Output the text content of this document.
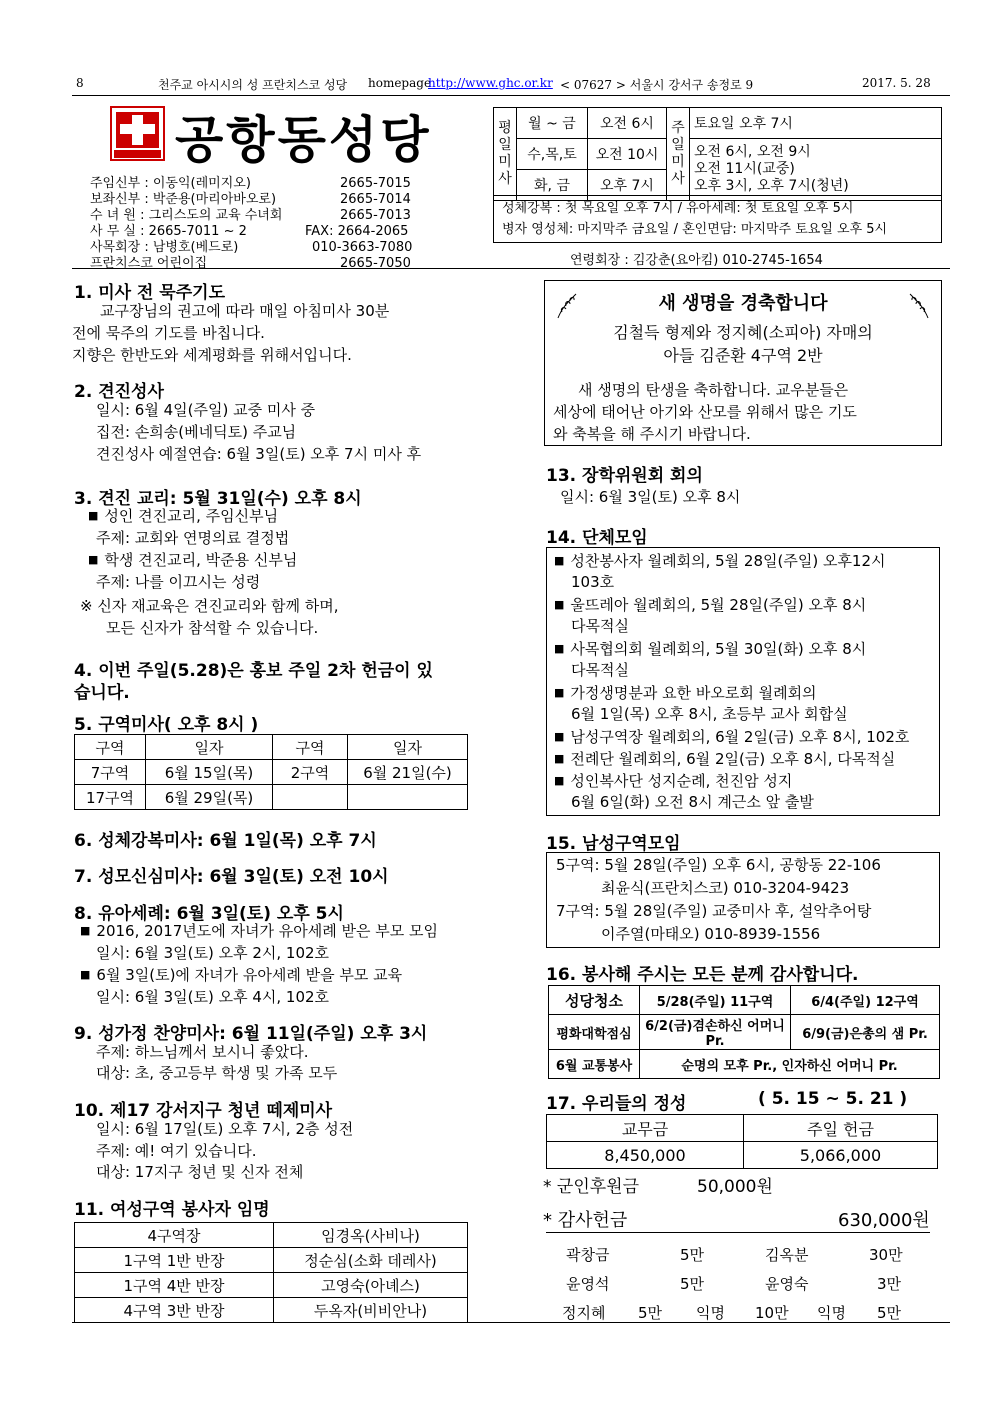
8	천주교 아시시의 성 프란치스코 성당 homepage
http://www.ghc.or.kr < 07627 > 서울시 강서구 송정로 9	2017. 5. 28
공항동성당
주임신부 : 이동익(레미지오)	2665-7015
보좌신부 : 박준용(마리아바오로)	2665-7014
수 녀 원 : 그리스도의 교육 수녀회	2665-7013
사 무 실 : 2665-7011 ~ 2	FAX: 2664-2065
사목회장 : 남병호(베드로)	010-3663-7080
프란치스코 어린이집	2665-7050
평일미사	월 ~ 금	오전 6시	주일미사	토요일 오후 7시
	수,목,토	오전 10시		오전 6시, 오전 9시
오전 11시(교중)
오후 3시, 오후 7시(청년)

	화, 금	오후 7시		
성체강복 : 첫 목요일 오후 7시 / 유아세례: 첫 토요일 오후 5시
병자 영성체: 마지막주 금요일 / 혼인면담: 마지막주 토요일 오후 5시
연령회장 : 김강춘(요아킴) 010-2745-1654
1. 미사 전 묵주기도
교구장님의 권고에 따라 매일 아침미사 30분
전에 묵주의 기도를 바칩니다.
지향은 한반도와 세계평화를 위해서입니다.
2. 견진성사
일시: 6월 4일(주일) 교중 미사 중
집전: 손희송(베네딕토) 주교님
견진성사 예절연습: 6월 3일(토) 오후 7시 미사 후
3. 견진 교리: 5월 31일(수) 오후 8시
■ 성인 견진교리, 주임신부님
주제: 교회와 연명의료 결정법
■ 학생 견진교리, 박준용 신부님
주제: 나를 이끄시는 성령
※ 신자 재교육은 견진교리와 함께 하며,
모든 신자가 참석할 수 있습니다.
4. 이번 주일(5.28)은 홍보 주일 2차 헌금이 있
습니다.
5. 구역미사( 오후 8시 )
구역	일자	구역	일자
7구역	6월 15일(목)	2구역	6월 21일(수)
17구역	6월 29일(목)		
6. 성체강복미사: 6월 1일(목) 오후 7시
7. 성모신심미사: 6월 3일(토) 오전 10시
8. 유아세례: 6월 3일(토) 오후 5시
■ 2016, 2017년도에 자녀가 유아세례 받은 부모 모임
일시: 6월 3일(토) 오후 2시, 102호
■ 6월 3일(토)에 자녀가 유아세례 받을 부모 교육
일시: 6월 3일(토) 오후 4시, 102호
9. 성가정 찬양미사: 6월 11일(주일) 오후 3시
주제: 하느님께서 보시니 좋았다.
대상: 초, 중고등부 학생 및 가족 모두
10. 제17 강서지구 청년 떼제미사
일시: 6월 17일(토) 오후 7시, 2층 성전
주제: 예! 여기 있습니다.
대상: 17지구 청년 및 신자 전체
11. 여성구역 봉사자 임명
4구역장	임경옥(사비나)
1구역 1반 반장	정순심(소화 데레사)
1구역 4반 반장	고영숙(아녜스)
4구역 3반 반장	두옥자(비비안나)
새 생명을 경축합니다
김철득 형제와 정지혜(소피아) 자매의
아들 김준환 4구역 2반
새 생명의 탄생을 축하합니다. 교우분들은
세상에 태어난 아기와 산모를 위해서 많은 기도
와 축복을 해 주시기 바랍니다.
13. 장학위원회 회의
일시: 6월 3일(토) 오후 8시
14. 단체모임
■ 성찬봉사자 월례회의, 5월 28일(주일) 오후12시
103호
■ 울뜨레아 월례회의, 5월 28일(주일) 오후 8시
다목적실
■ 사목협의회 월례회의, 5월 30일(화) 오후 8시
다목적실
■ 가정생명분과 요한 바오로회 월례회의
6월 1일(목) 오후 8시, 초등부 교사 회합실
■ 남성구역장 월례회의, 6월 2일(금) 오후 8시, 102호
■ 전례단 월례회의, 6월 2일(금) 오후 8시, 다목적실
■ 성인복사단 성지순례, 천진암 성지
6월 6일(화) 오전 8시 계근소 앞 출발
15. 남성구역모임
5구역: 5월 28일(주일) 오후 6시, 공항동 22-106
최윤식(프란치스코) 010-3204-9423
7구역: 5월 28일(주일) 교중미사 후, 설악추어탕
이주열(마태오) 010-8939-1556
16. 봉사해 주시는 모든 분께 감사합니다.
성당청소	5/28(주일) 11구역	6/4(주일) 12구역
평화대학점심	6/2(금)겸손하신 어머니 Pr.	6/9(금)은총의 샘 Pr.
6월 교통봉사	순명의 모후 Pr., 인자하신 어머니 Pr.	
17. 우리들의 정성	( 5. 15 ~ 5. 21 )
교무금	주일 헌금
8,450,000	5,066,000
* 군인후원금	50,000원
* 감사헌금	630,000원
곽창금	5만	김옥분	30만
윤영석	5만	윤영숙	3만
정지혜 5만 익명 10만 익명 5만
